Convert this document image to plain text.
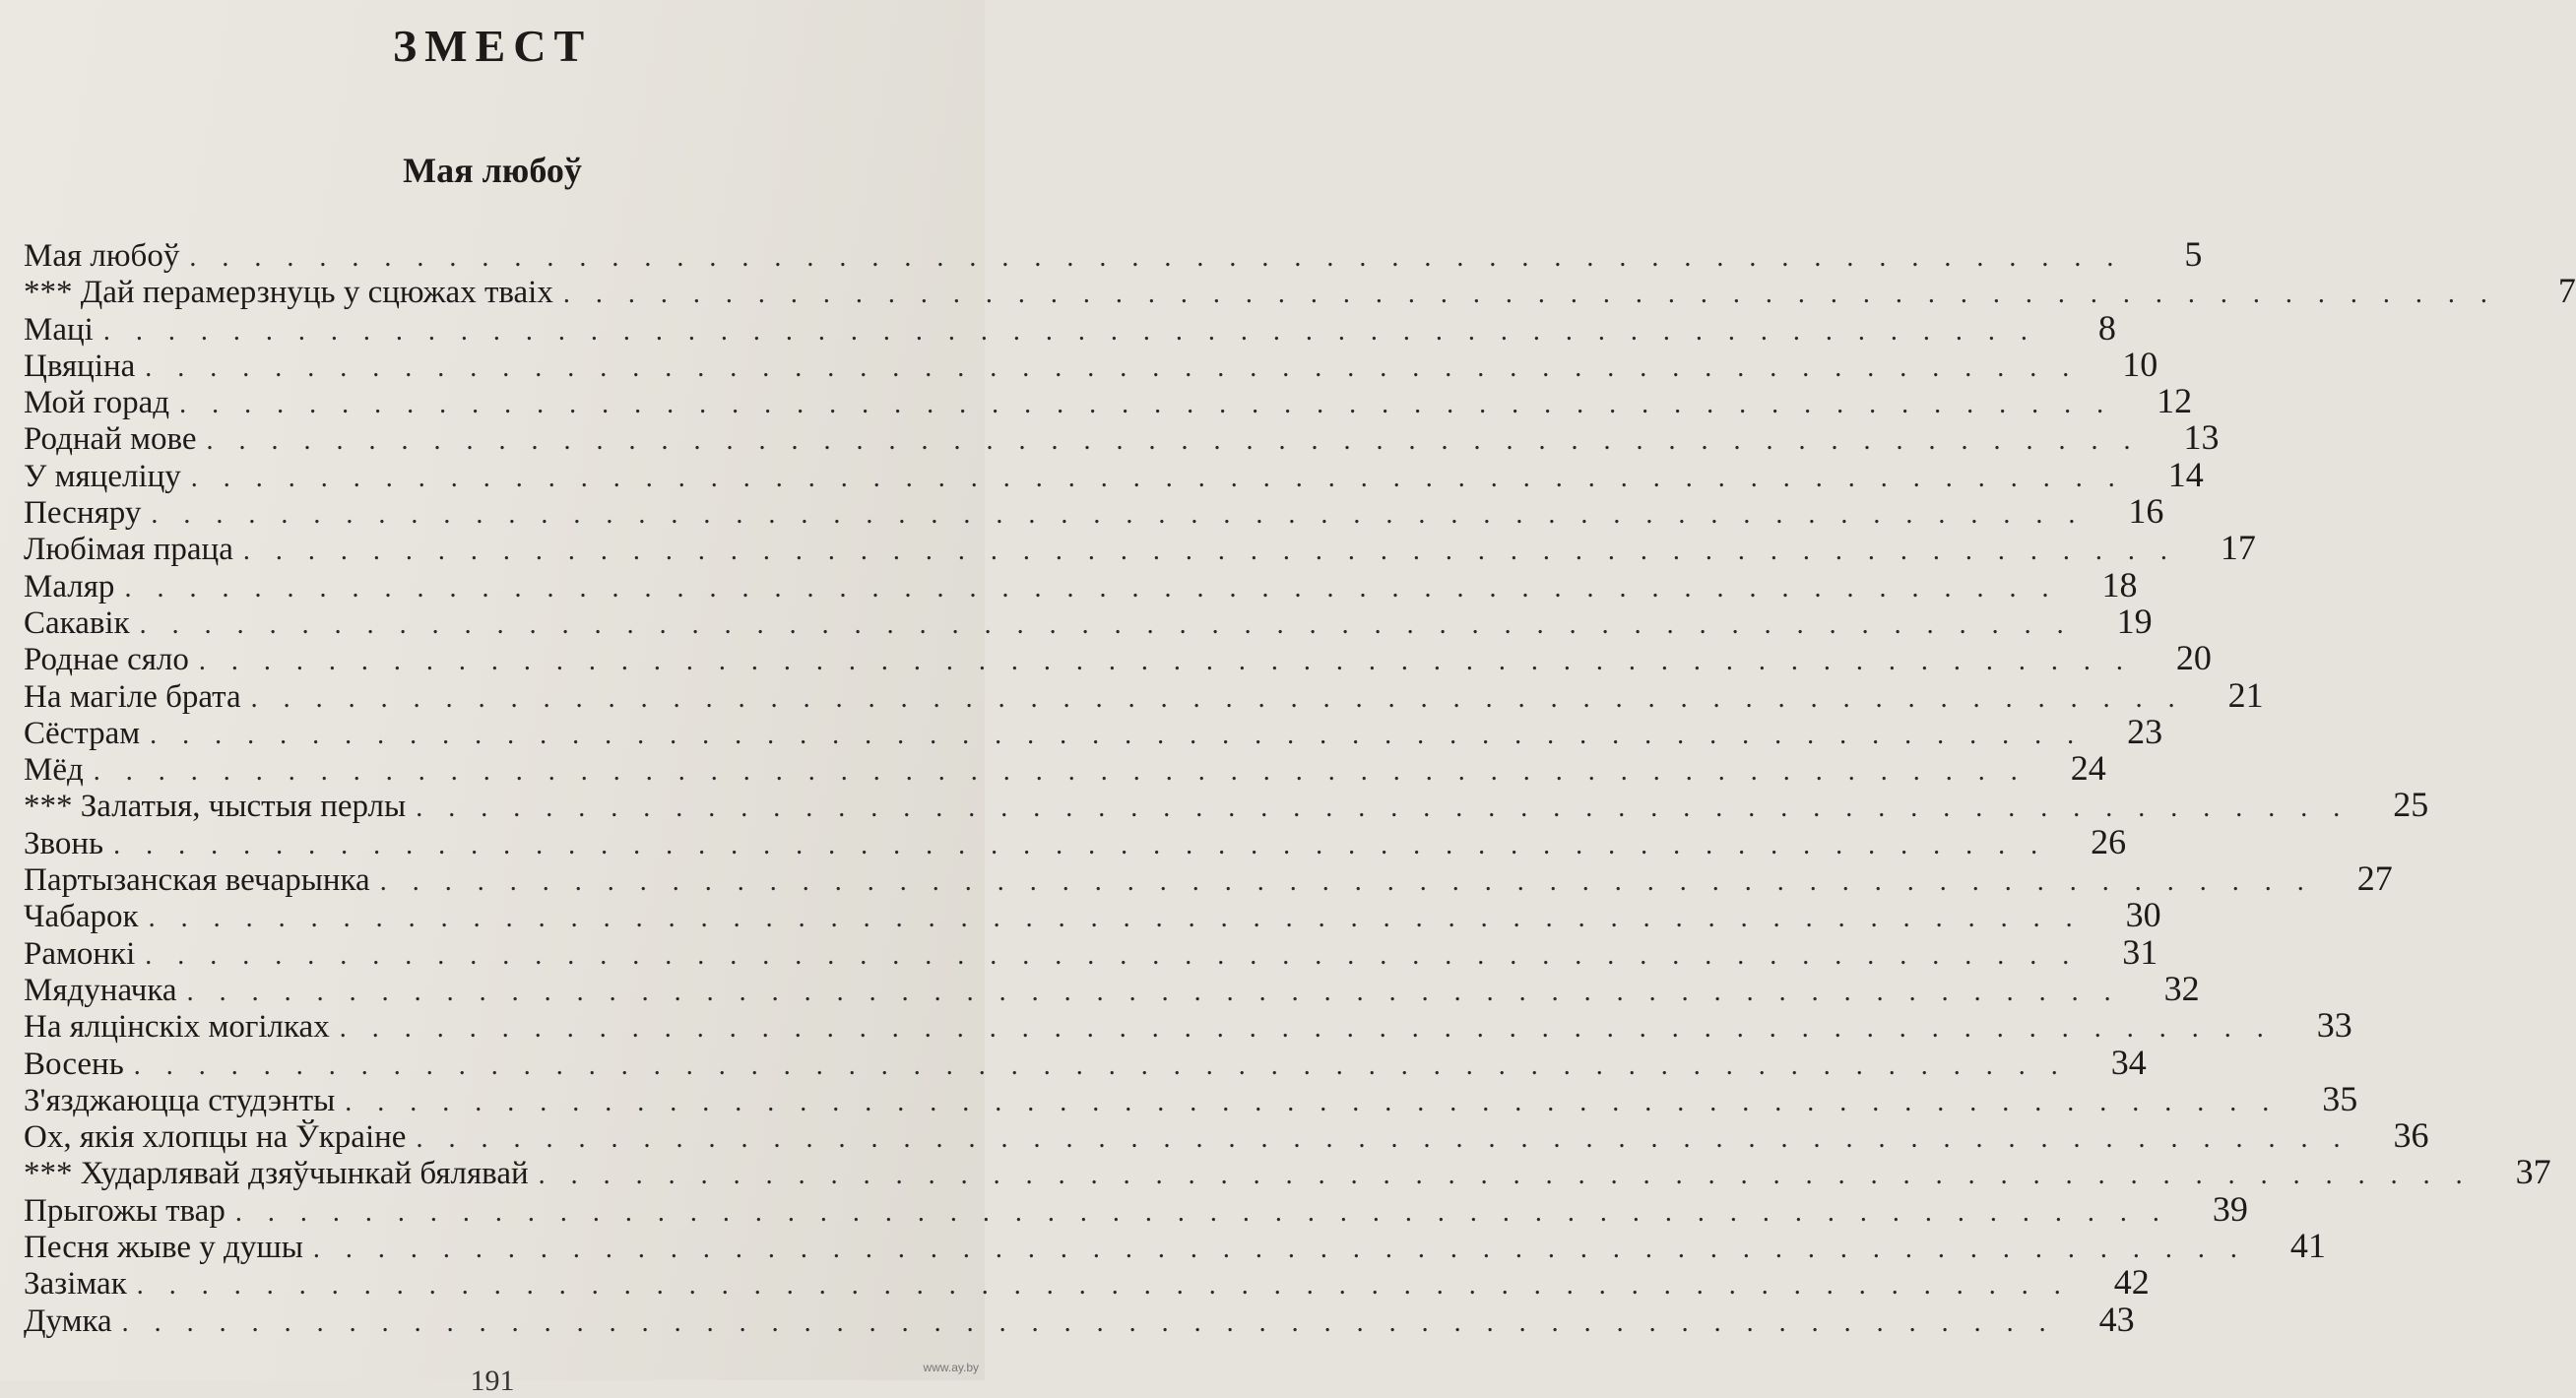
ЗМЕСТ
Мая любоў
Мая любоў ............................................................	5
*** Дай перамерзнуць у сцюжах тваіх ............................................................	7
Маці ............................................................	8
Цвяціна ............................................................ 10
Мой горад ............................................................ 12
Роднай мове ............................................................ 13
У мяцеліцу ............................................................ 14
Песняру ............................................................ 16
Любімая праца ............................................................ 17
Маляр ............................................................ 18
Сакавік ............................................................ 19
Роднае сяло ............................................................ 20
На магіле брата ............................................................ 21
Сёстрам ............................................................ 23
Мёд ............................................................ 24
*** Залатыя, чыстыя перлы ............................................................ 25
Звонь ............................................................ 26
Партызанская вечарынка ............................................................ 27
Чабарок ............................................................ 30
Рамонкі ............................................................ 31
Мядуначка ............................................................ 32
На ялцінскіх могілках ............................................................ 33
Восень ............................................................ 34
З'язджаюцца студэнты ............................................................ 35
Ох, якія хлопцы на Ўкраіне ............................................................ 36
*** Хударлявай дзяўчынкай бялявай ............................................................ 37
Прыгожы твар ............................................................ 39
Песня жыве у душы ............................................................ 41
Зазімак ............................................................ 42
Думка ............................................................ 43
191	www.ay.by
